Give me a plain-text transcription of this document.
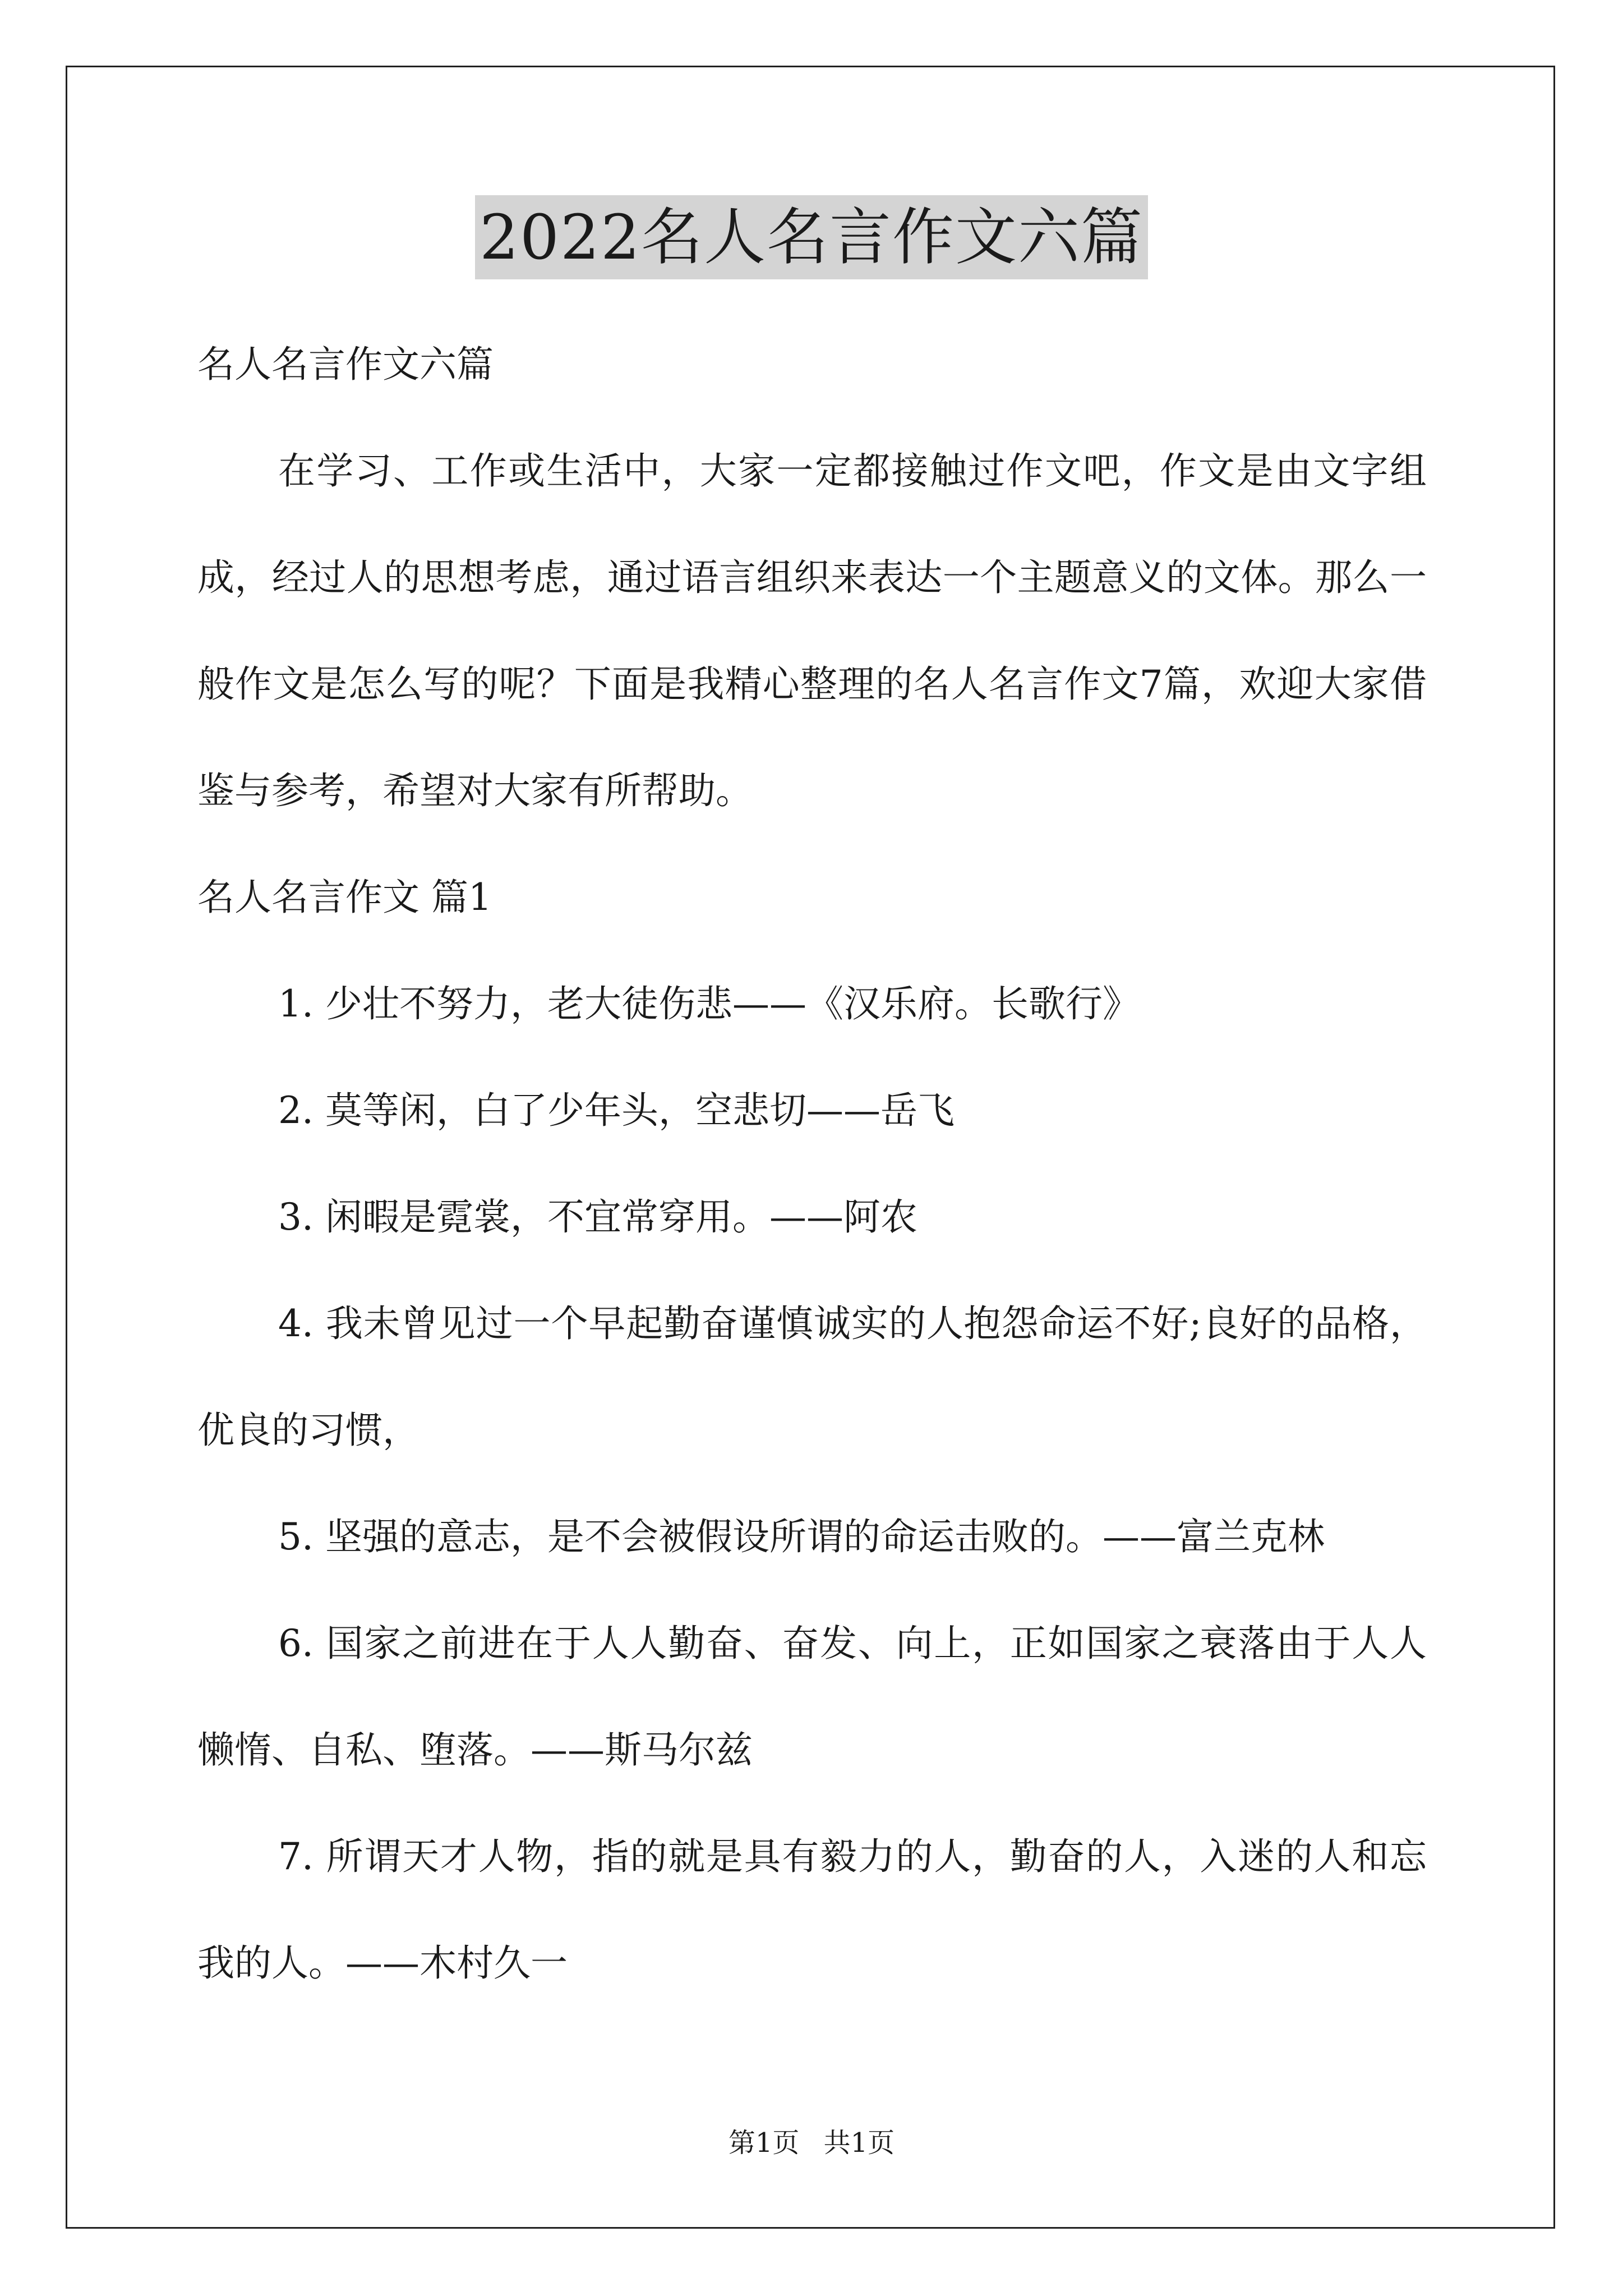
2022名人名言作文六篇

名人名言作文六篇

在学习、工作或生活中，大家一定都接触过作文吧，作文是由文字组成，经过人的思想考虑，通过语言组织来表达一个主题意义的文体。那么一般作文是怎么写的呢？下面是我精心整理的名人名言作文7篇，欢迎大家借鉴与参考，希望对大家有所帮助。

名人名言作文 篇1

1. 少壮不努力，老大徒伤悲——《汉乐府。长歌行》

2. 莫等闲，白了少年头，空悲切——岳飞

3. 闲暇是霓裳，不宜常穿用。——阿农

4. 我未曾见过一个早起勤奋谨慎诚实的人抱怨命运不好;良好的品格，优良的习惯，

5. 坚强的意志，是不会被假设所谓的命运击败的。——富兰克林

6. 国家之前进在于人人勤奋、奋发、向上，正如国家之衰落由于人人懒惰、自私、堕落。——斯马尔兹

7. 所谓天才人物，指的就是具有毅力的人，勤奋的人，入迷的人和忘我的人。——木村久一

第1页 共1页
